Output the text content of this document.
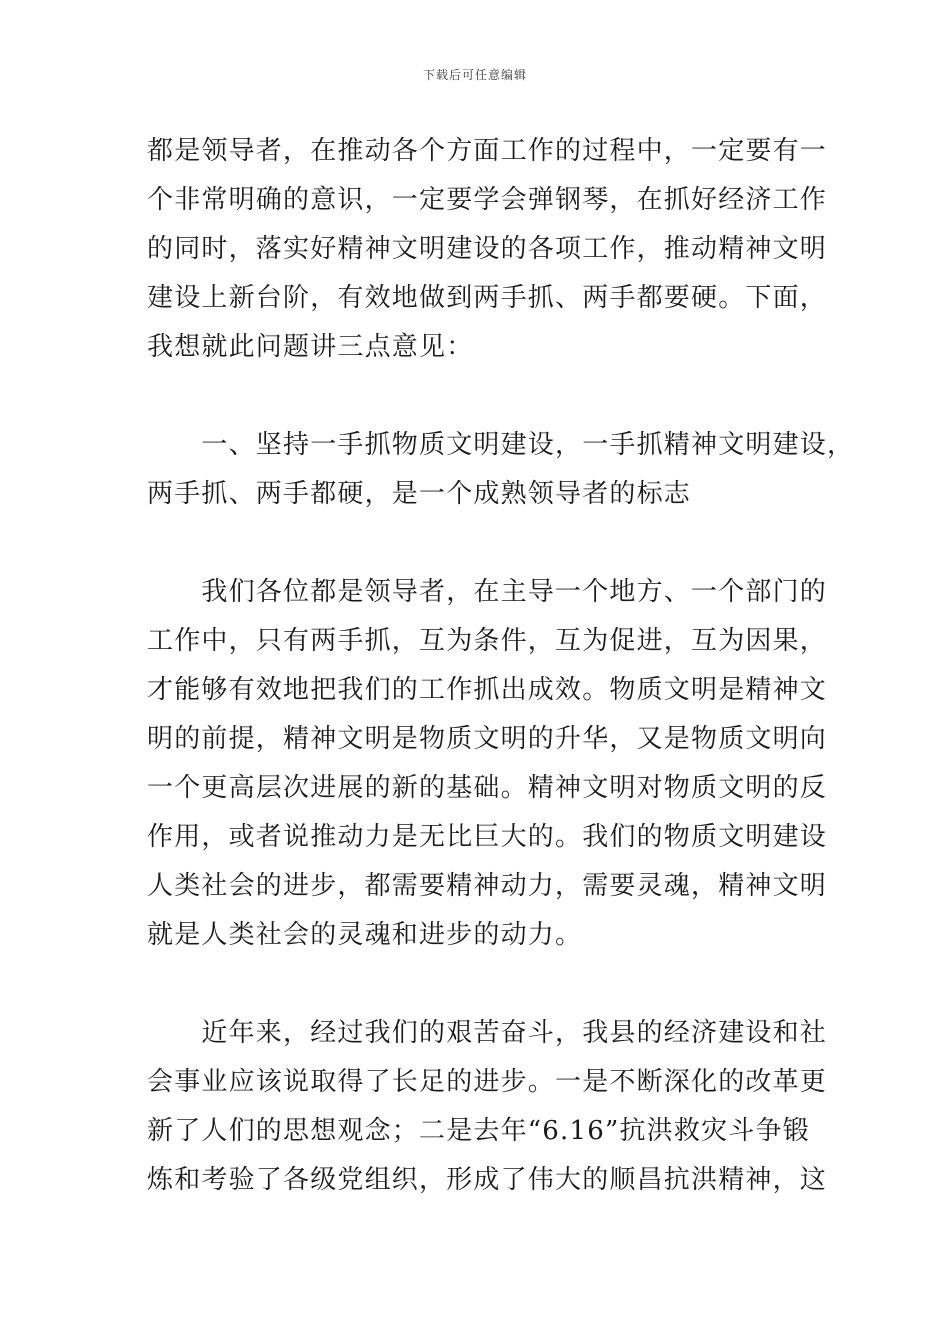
下载后可任意编辑
都是领导者，在推动各个方面工作的过程中，一定要有一
个非常明确的意识，一定要学会弹钢琴，在抓好经济工作
的同时，落实好精神文明建设的各项工作，推动精神文明
建设上新台阶，有效地做到两手抓、两手都要硬。下面，
我想就此问题讲三点意见：
　　一、坚持一手抓物质文明建设，一手抓精神文明建设，
两手抓、两手都硬，是一个成熟领导者的标志
　　我们各位都是领导者，在主导一个地方、一个部门的
工作中，只有两手抓，互为条件，互为促进，互为因果，
才能够有效地把我们的工作抓出成效。物质文明是精神文
明的前提，精神文明是物质文明的升华，又是物质文明向
一个更高层次进展的新的基础。精神文明对物质文明的反
作用，或者说推动力是无比巨大的。我们的物质文明建设
人类社会的进步，都需要精神动力，需要灵魂，精神文明
就是人类社会的灵魂和进步的动力。
　　近年来，经过我们的艰苦奋斗，我县的经济建设和社
会事业应该说取得了长足的进步。一是不断深化的改革更
新了人们的思想观念；二是去年“6.16”抗洪救灾斗争锻
炼和考验了各级党组织，形成了伟大的顺昌抗洪精神，这
